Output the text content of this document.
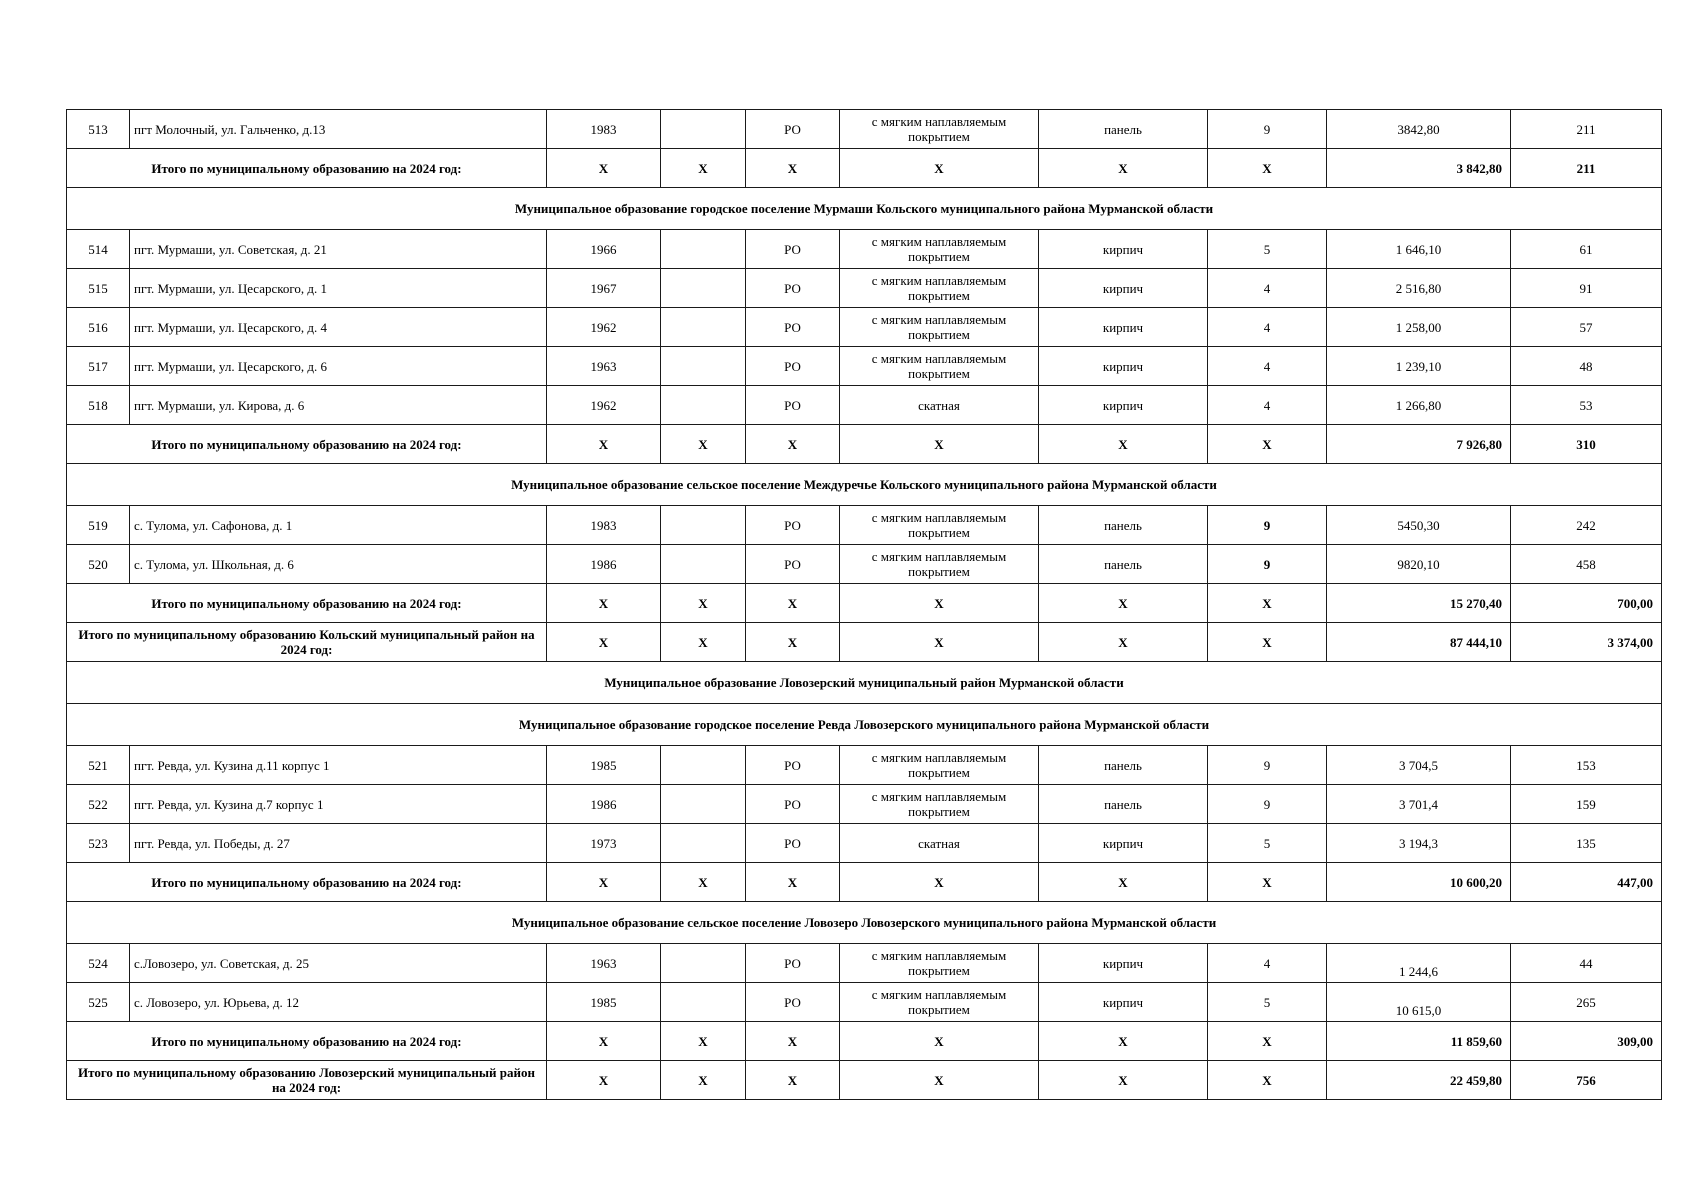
513	пгт Молочный, ул. Гальченко, д.13	1983		РО	с мягким наплавляемым покрытием	панель	9	3842,80	211
Итого по муниципальному образованию на 2024 год:		X	X	X	X	X	X	3 842,80	211
Муниципальное образование городское поселение Мурмаши Кольского муниципального района Мурманской области									
514	пгт. Мурмаши, ул. Советская, д. 21	1966		РО	с мягким наплавляемым покрытием	кирпич	5	1 646,10	61
515	пгт. Мурмаши, ул. Цесарского, д. 1	1967		РО	с мягким наплавляемым покрытием	кирпич	4	2 516,80	91
516	пгт. Мурмаши, ул. Цесарского, д. 4	1962		РО	с мягким наплавляемым покрытием	кирпич	4	1 258,00	57
517	пгт. Мурмаши, ул. Цесарского, д. 6	1963		РО	с мягким наплавляемым покрытием	кирпич	4	1 239,10	48
518	пгт. Мурмаши, ул. Кирова, д. 6	1962		РО	скатная	кирпич	4	1 266,80	53
Итого по муниципальному образованию на 2024 год:		X	X	X	X	X	X	7 926,80	310
Муниципальное образование сельское поселение Междуречье Кольского муниципального района Мурманской области									
519	с. Тулома, ул. Сафонова, д. 1	1983		РО	с мягким наплавляемым покрытием	панель	9	5450,30	242
520	с. Тулома, ул. Школьная, д. 6	1986		РО	с мягким наплавляемым покрытием	панель	9	9820,10	458
Итого по муниципальному образованию на 2024 год:		X	X	X	X	X	X	15 270,40	700,00
Итого по муниципальному образованию Кольский муниципальный район на 2024 год:		X	X	X	X	X	X	87 444,10	3 374,00
Муниципальное образование Ловозерский муниципальный район Мурманской области									
Муниципальное образование городское поселение Ревда Ловозерского муниципального района Мурманской области									
521	пгт. Ревда, ул. Кузина д.11 корпус 1	1985		РО	с мягким наплавляемым покрытием	панель	9	3 704,5	153
522	пгт. Ревда, ул. Кузина д.7 корпус 1	1986		РО	с мягким наплавляемым покрытием	панель	9	3 701,4	159
523	пгт. Ревда, ул. Победы, д. 27	1973		РО	скатная	кирпич	5	3 194,3	135
Итого по муниципальному образованию на 2024 год:		X	X	X	X	X	X	10 600,20	447,00
Муниципальное образование сельское поселение Ловозеро Ловозерского муниципального района Мурманской области									
524	с.Ловозеро, ул. Советская, д. 25	1963		РО	с мягким наплавляемым покрытием	кирпич	4	1 244,6	44
525	с. Ловозеро, ул. Юрьева, д. 12	1985		РО	с мягким наплавляемым покрытием	кирпич	5	10 615,0	265
Итого по муниципальному образованию на 2024 год:		X	X	X	X	X	X	11 859,60	309,00
Итого по муниципальному образованию Ловозерский муниципальный район на 2024 год:		X	X	X	X	X	X	22 459,80	756
